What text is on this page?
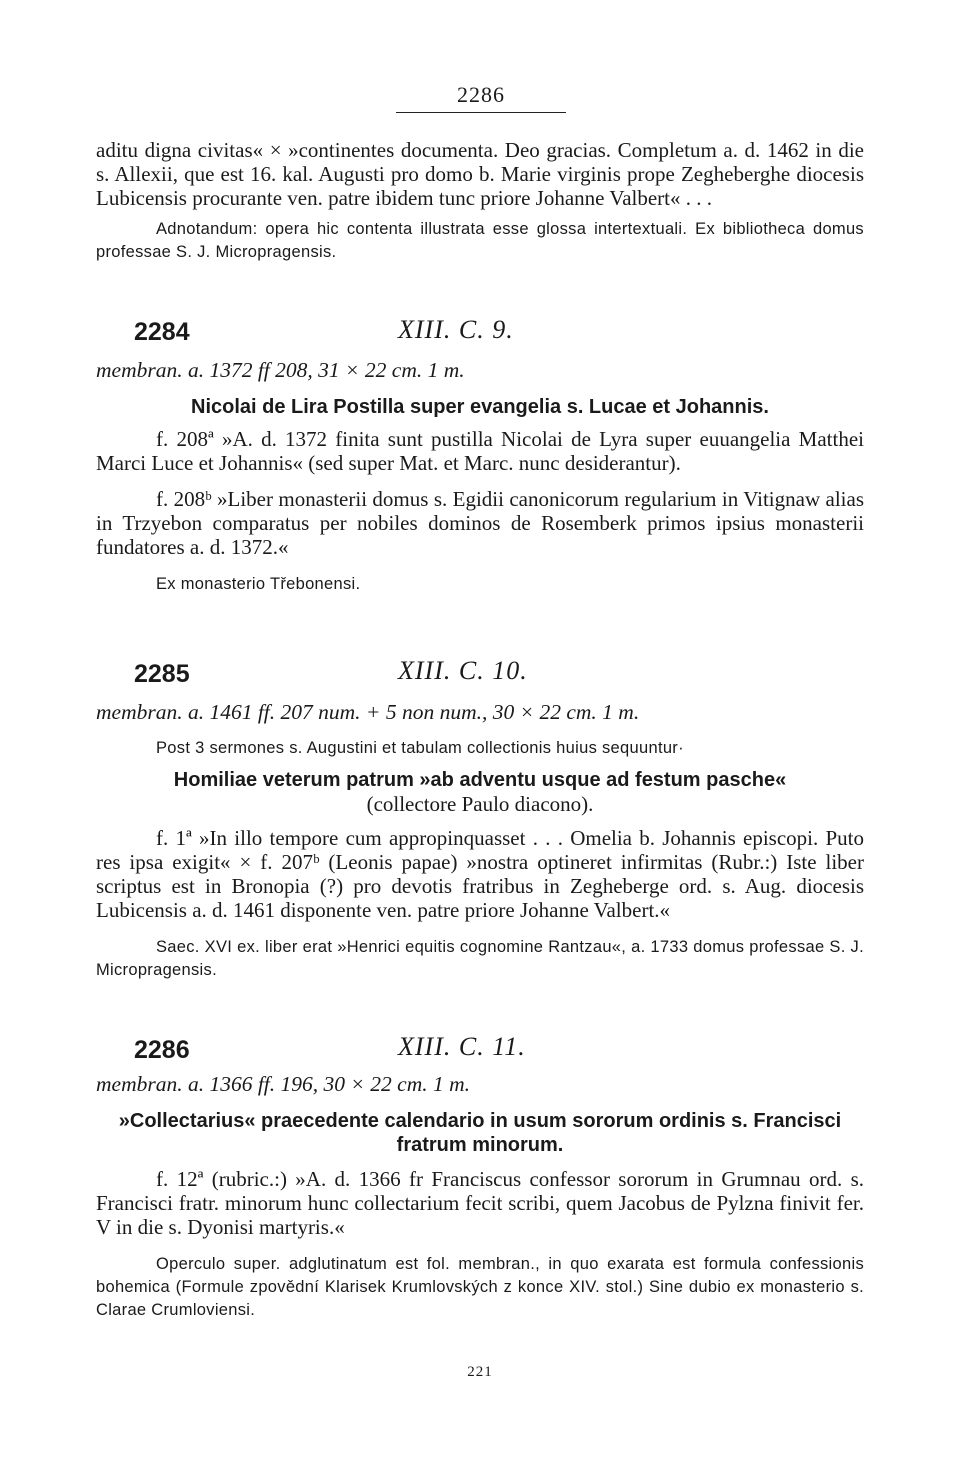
2286

aditu digna civitas« × »continentes documenta. Deo gracias. Completum a. d. 1462 in die s. Allexii, que est 16. kal. Augusti pro domo b. Marie virginis prope Zegheberghe diocesis Lubicensis procurante ven. patre ibidem tunc priore Johanne Valbert« . . .

Adnotandum: opera hic contenta illustrata esse glossa intertextuali. Ex bibliotheca domus professae S. J. Micropragensis.

2284	XIII. C. 9.

membran. a. 1372 ff 208, 31 × 22 cm. 1 m.

Nicolai de Lira Postilla super evangelia s. Lucae et Johannis.

f. 208ª »A. d. 1372 finita sunt pustilla Nicolai de Lyra super euuangelia Matthei Marci Luce et Johannis« (sed super Mat. et Marc. nunc desiderantur).

f. 208ᵇ »Liber monasterii domus s. Egidii canonicorum regularium in Vitignaw alias in Trzyebon comparatus per nobiles dominos de Rosemberk primos ipsius monasterii fundatores a. d. 1372.«

Ex monasterio Třebonensi.

2285	XIII. C. 10.

membran. a. 1461 ff. 207 num. + 5 non num., 30 × 22 cm. 1 m.

Post 3 sermones s. Augustini et tabulam collectionis huius sequuntur·

Homiliae veterum patrum »ab adventu usque ad festum pasche«

(collectore Paulo diacono).

f. 1ª »In illo tempore cum appropinquasset . . . Omelia b. Johannis episcopi. Puto res ipsa exigit« × f. 207ᵇ (Leonis papae) »nostra optineret infirmitas (Rubr.:) Iste liber scriptus est in Bronopia (?) pro devotis fratribus in Zegheberge ord. s. Aug. diocesis Lubicensis a. d. 1461 disponente ven. patre priore Johanne Valbert.«

Saec. XVI ex. liber erat »Henrici equitis cognomine Rantzau«, a. 1733 domus professae S. J. Micropragensis.

2286	XIII. C. 11.

membran. a. 1366 ff. 196, 30 × 22 cm. 1 m.

»Collectarius« praecedente calendario in usum sororum ordinis s. Francisci fratrum minorum.

f. 12ª (rubric.:) »A. d. 1366 fr Franciscus confessor sororum in Grumnau ord. s. Francisci fratr. minorum hunc collectarium fecit scribi, quem Jacobus de Pylzna finivit fer. V in die s. Dyonisi martyris.«

Operculo super. adglutinatum est fol. membran., in quo exarata est formula confessionis bohemica (Formule zpovědní Klarisek Krumlovských z konce XIV. stol.) Sine dubio ex monasterio s. Clarae Crumloviensi.

221
